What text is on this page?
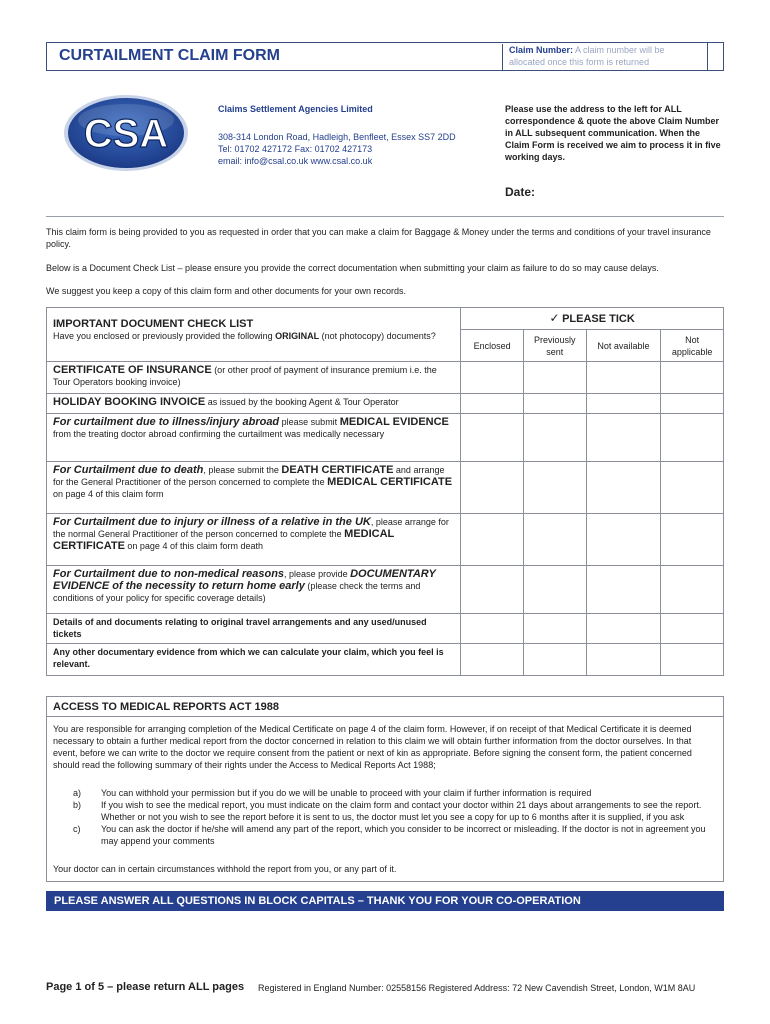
CURTAILMENT CLAIM FORM	Claim Number: A claim number will be allocated once this form is returned
CSA
Claims Settlement Agencies Limited
308-314 London Road, Hadleigh, Benfleet, Essex SS7 2DD
Tel: 01702 427172 Fax: 01702 427173
email: info@csal.co.uk www.csal.co.uk
Please use the address to the left for ALL correspondence & quote the above Claim Number in ALL subsequent communication. When the Claim Form is received we aim to process it in five working days.
Date:
This claim form is being provided to you as requested in order that you can make a claim for Baggage & Money under the terms and conditions of your travel insurance policy.
Below is a Document Check List – please ensure you provide the correct documentation when submitting your claim as failure to do so may cause delays.
We suggest you keep a copy of this claim form and other documents for your own records.
IMPORTANT DOCUMENT CHECK LIST
Have you enclosed or previously provided the following ORIGINAL (not photocopy) documents?	✓ PLEASE TICK			
	Enclosed	Previously sent	Not available	Not applicable
CERTIFICATE OF INSURANCE (or other proof of payment of insurance premium i.e. the Tour Operators booking invoice)				
HOLIDAY BOOKING INVOICE as issued by the booking Agent & Tour Operator				
For curtailment due to illness/injury abroad please submit MEDICAL EVIDENCE from the treating doctor abroad confirming the curtailment was medically necessary				
For Curtailment due to death, please submit the DEATH CERTIFICATE and arrange for the General Practitioner of the person concerned to complete the MEDICAL CERTIFICATE on page 4 of this claim form				
For Curtailment due to injury or illness of a relative in the UK, please arrange for the normal General Practitioner of the person concerned to complete the MEDICAL CERTIFICATE on page 4 of this claim form death				
For Curtailment due to non-medical reasons, please provide DOCUMENTARY EVIDENCE of the necessity to return home early (please check the terms and conditions of your policy for specific coverage details)				
Details of and documents relating to original travel arrangements and any used/unused tickets				
Any other documentary evidence from which we can calculate your claim, which you feel is relevant.				
ACCESS TO MEDICAL REPORTS ACT 1988
You are responsible for arranging completion of the Medical Certificate on page 4 of the claim form. However, if on receipt of that Medical Certificate it is deemed necessary to obtain a further medical report from the doctor concerned in relation to this claim we will obtain further information from the doctor ourselves. In that event, before we can write to the doctor we require consent from the patient or next of kin as appropriate. Before signing the consent form, the patient concerned should read the following summary of their rights under the Access to Medical Reports Act 1988;
a)	You can withhold your permission but if you do we will be unable to proceed with your claim if further information is required
b)	If you wish to see the medical report, you must indicate on the claim form and contact your doctor within 21 days about arrangements to see the report. Whether or not you wish to see the report before it is sent to us, the doctor must let you see a copy for up to 6 months after it is supplied, if you ask
c)	You can ask the doctor if he/she will amend any part of the report, which you consider to be incorrect or misleading. If the doctor is not in agreement you may append your comments
Your doctor can in certain circumstances withhold the report from you, or any part of it.
PLEASE ANSWER ALL QUESTIONS IN BLOCK CAPITALS – THANK YOU FOR YOUR CO-OPERATION
Page 1 of 5 – please return ALL pages Registered in England Number: 02558156 Registered Address: 72 New Cavendish Street, London, W1M 8AU
